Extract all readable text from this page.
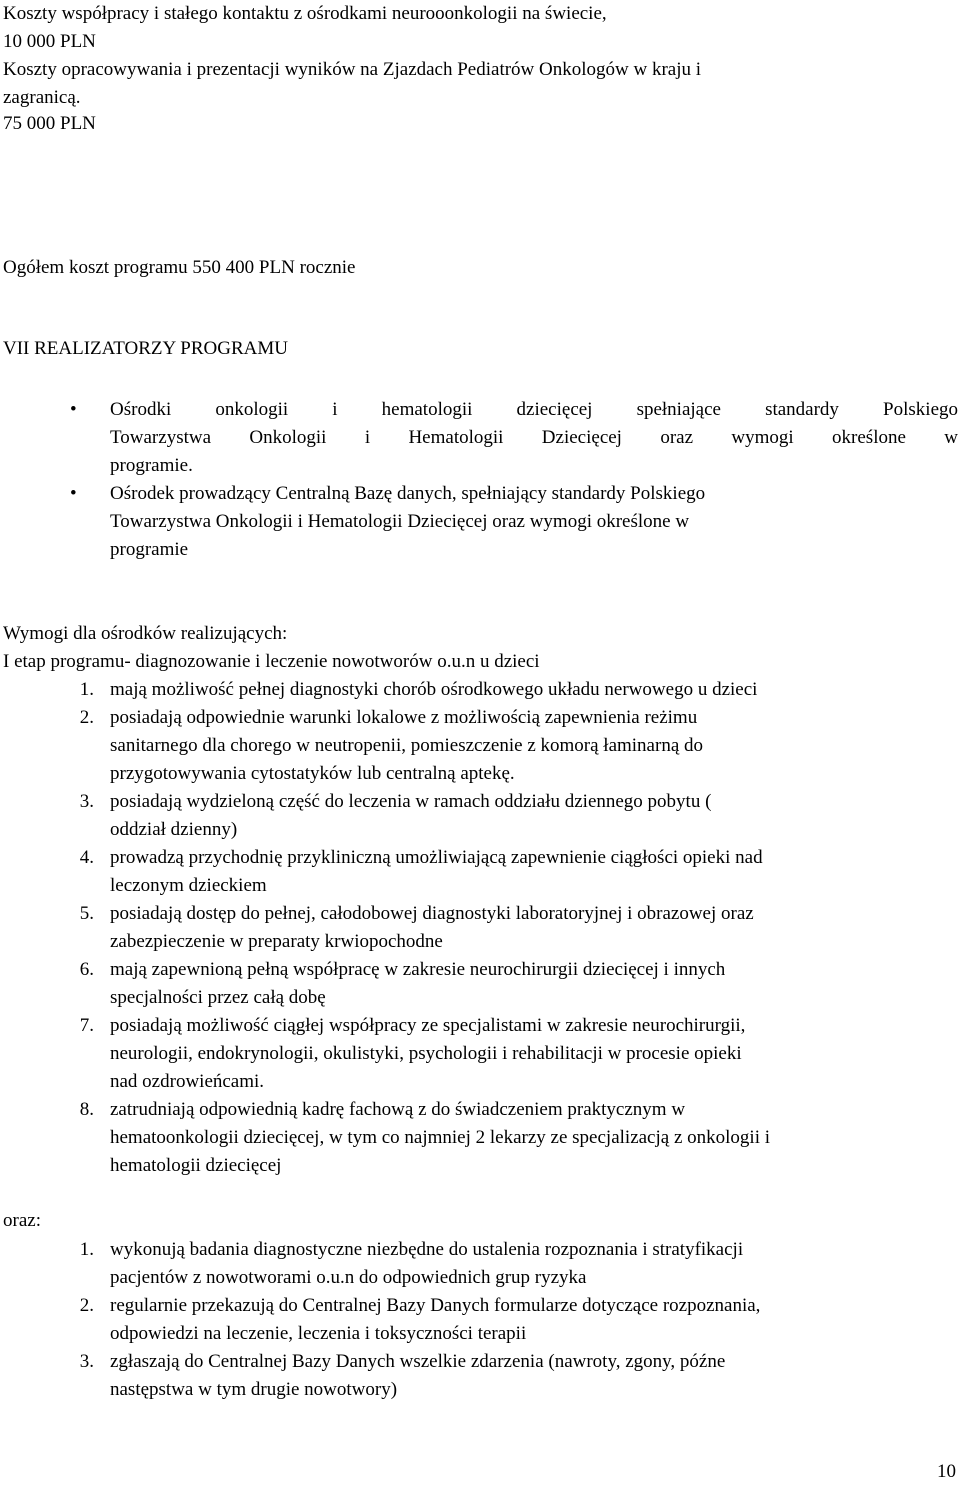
Koszty współpracy i stałego kontaktu z ośrodkami neurooonkologii na świecie,
10 000 PLN
Koszty opracowywania i prezentacji wyników na Zjazdach Pediatrów Onkologów w kraju i
zagranicą.
75 000 PLN
Ogółem koszt programu 550 400 PLN rocznie
VII REALIZATORZY PROGRAMU
• Ośrodki onkologii i hematologii dziecięcej spełniające standardy Polskiego
Towarzystwa Onkologii i Hematologii Dziecięcej oraz wymogi określone w
programie.
• Ośrodek prowadzący Centralną Bazę danych, spełniający standardy Polskiego
Towarzystwa Onkologii i Hematologii Dziecięcej oraz wymogi określone w
programie
Wymogi dla ośrodków realizujących:
I etap programu- diagnozowanie i leczenie nowotworów o.u.n u dzieci
1. mają możliwość pełnej diagnostyki chorób ośrodkowego układu nerwowego u dzieci
2. posiadają odpowiednie warunki lokalowe z możliwością zapewnienia reżimu
sanitarnego dla chorego w neutropenii, pomieszczenie z komorą łaminarną do
przygotowywania cytostatyków lub centralną aptekę.
3. posiadają wydzieloną część do leczenia w ramach oddziału dziennego pobytu (
oddział dzienny)
4. prowadzą przychodnię przykliniczną umożliwiającą zapewnienie ciągłości opieki nad
leczonym dzieckiem
5. posiadają dostęp do pełnej, całodobowej diagnostyki laboratoryjnej i obrazowej oraz
zabezpieczenie w preparaty krwiopochodne
6. mają zapewnioną pełną współpracę w zakresie neurochirurgii dziecięcej i innych
specjalności przez całą dobę
7. posiadają możliwość ciągłej współpracy ze specjalistami w zakresie neurochirurgii,
neurologii, endokrynologii, okulistyki, psychologii i rehabilitacji w procesie opieki
nad ozdrowieńcami.
8. zatrudniają odpowiednią kadrę fachową z do świadczeniem praktycznym w
hematoonkologii dziecięcej, w tym co najmniej 2 lekarzy ze specjalizacją z onkologii i
hematologii dziecięcej
oraz:
1. wykonują badania diagnostyczne niezbędne do ustalenia rozpoznania i stratyfikacji
pacjentów z nowotworami o.u.n do odpowiednich grup ryzyka
2. regularnie przekazują do Centralnej Bazy Danych formularze dotyczące rozpoznania,
odpowiedzi na leczenie, leczenia i toksyczności terapii
3. zgłaszają do Centralnej Bazy Danych wszelkie zdarzenia (nawroty, zgony, późne
następstwa w tym drugie nowotwory)
10
